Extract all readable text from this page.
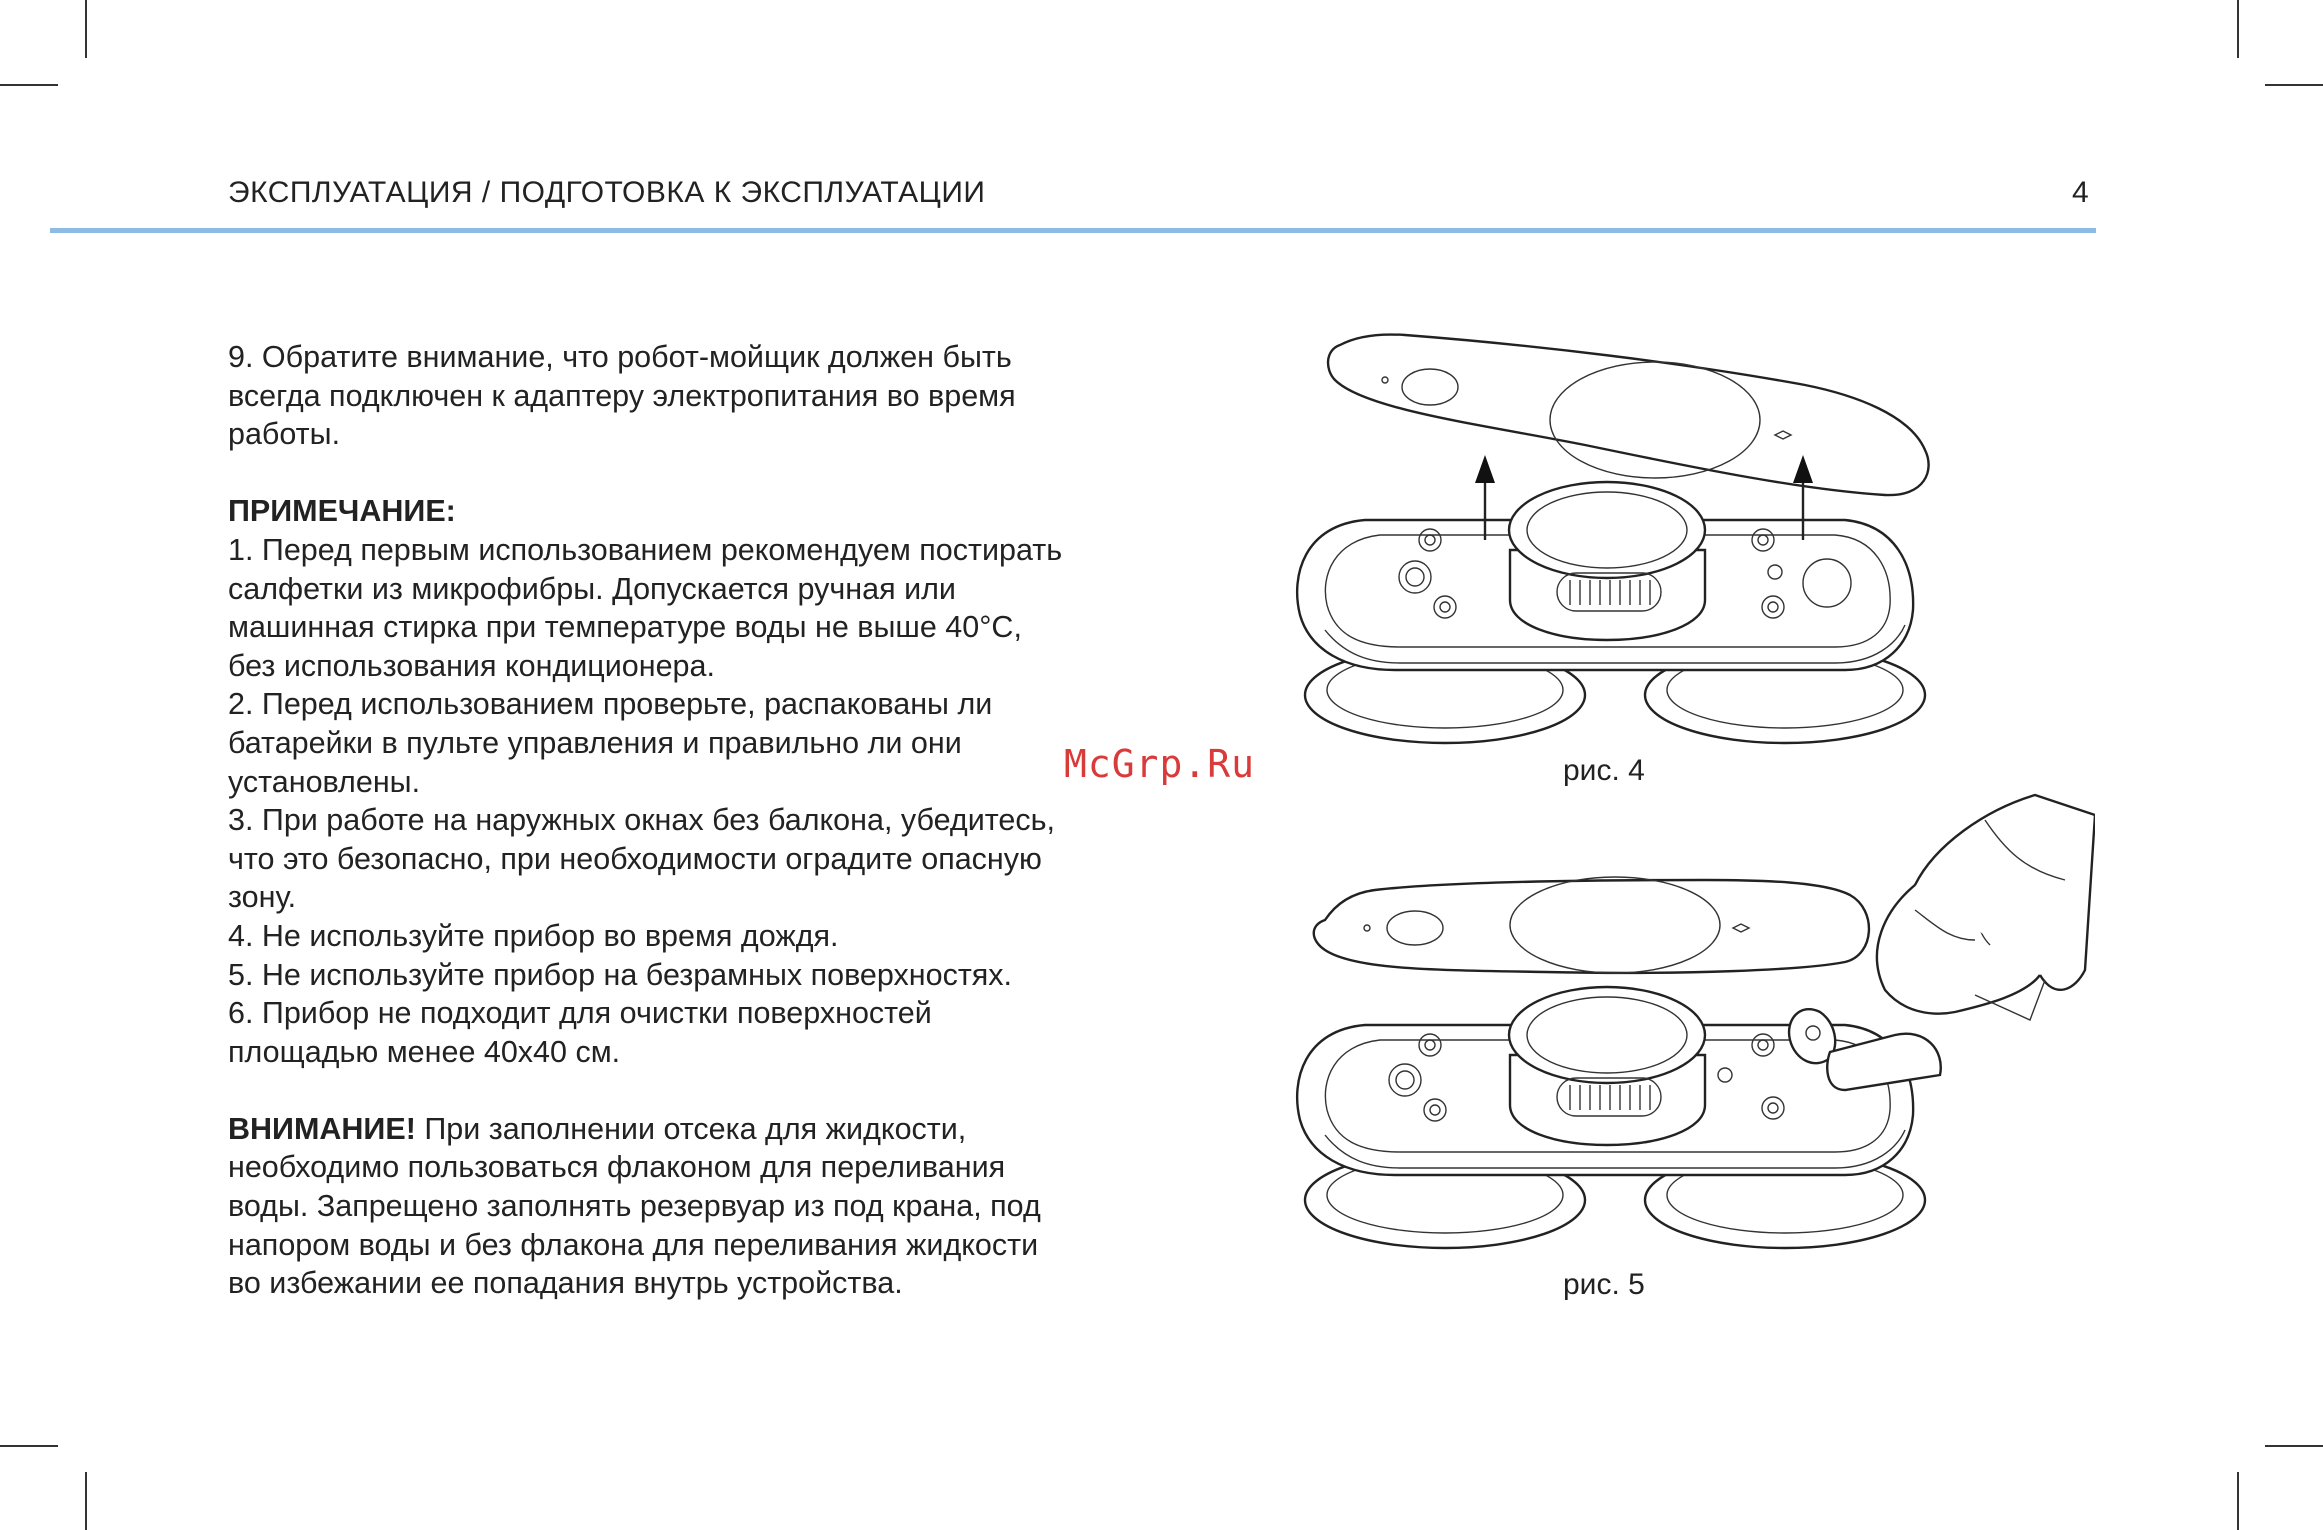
ЭКСПЛУАТАЦИЯ / ПОДГОТОВКА К ЭКСПЛУАТАЦИИ	4

9. Обратите внимание, что робот-мойщик должен быть

всегда подключен к адаптеру электропитания во время

работы.

ПРИМЕЧАНИЕ:

1. Перед первым использованием рекомендуем постирать

салфетки из микрофибры. Допускается ручная или

машинная стирка при температуре воды не выше 40°C,

без использования кондиционера.

2. Перед использованием проверьте, распакованы ли

батарейки в пульте управления и правильно ли они

установлены.

3. При работе на наружных окнах без балкона, убедитесь,

что это безопасно, при необходимости оградите опасную

зону.

4. Не используйте прибор во время дождя.

5. Не используйте прибор на безрамных поверхностях.

6. Прибор не подходит для очистки поверхностей

площадью менее 40х40 см.

ВНИМАНИЕ! При заполнении отсека для жидкости,

необходимо пользоваться флаконом для переливания

воды. Запрещено заполнять резервуар из под крана, под

напором воды и без флакона для переливания жидкости

во избежании ее попадания внутрь устройства.

McGrp.Ru	рис. 4
рис. 5
